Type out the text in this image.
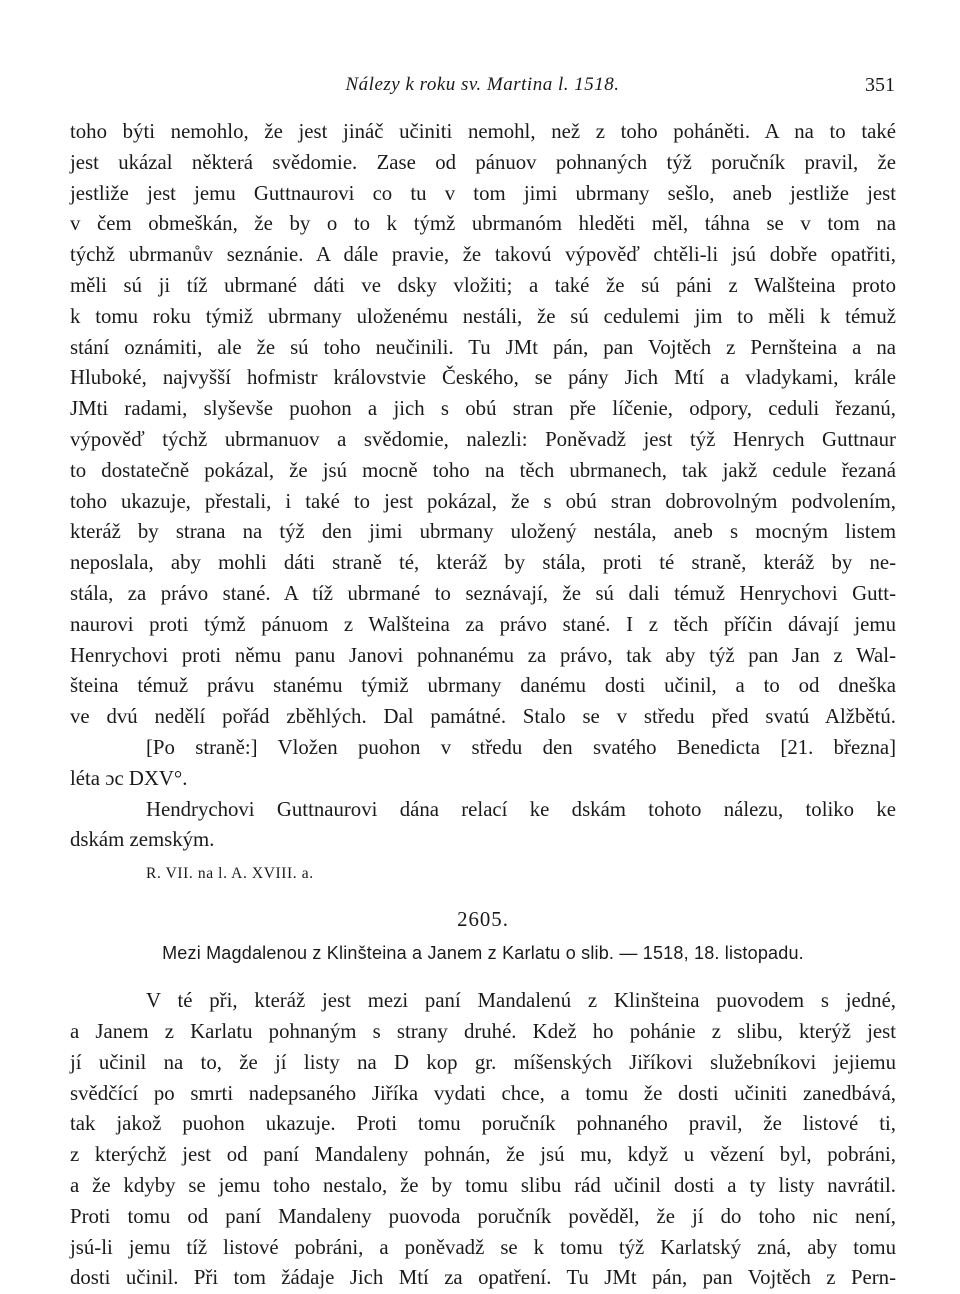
Nálezy k roku sv. Martina l. 1518.	351
toho býti nemohlo, že jest jináč učiniti nemohl, než z toho poháněti. A na to také
jest ukázal některá svědomie. Zase od pánuov pohnaných týž poručník pravil, že
jestliže jest jemu Guttnaurovi co tu v tom jimi ubrmany sešlo, aneb jestliže jest
v čem obmeškán, že by o to k týmž ubrmanóm hleděti měl, táhna se v tom na
týchž ubrmanův seznánie. A dále pravie, že takovú výpověď chtěli-li jsú dobře opatřiti,
měli sú ji tíž ubrmané dáti ve dsky vložiti; a také že sú páni z Walšteina proto
k tomu roku týmiž ubrmany uloženému nestáli, že sú cedulemi jim to měli k témuž
stání oznámiti, ale že sú toho neučinili. Tu JMt pán, pan Vojtěch z Pernšteina a na
Hluboké, najvyšší hofmistr královstvie Českého, se pány Jich Mtí a vladykami, krále
JMti radami, slyševše puohon a jich s obú stran pře líčenie, odpory, ceduli řezanú,
výpověď týchž ubrmanuov a svědomie, nalezli: Poněvadž jest týž Henrych Guttnaur
to dostatečně pokázal, že jsú mocně toho na těch ubrmanech, tak jakž cedule řezaná
toho ukazuje, přestali, i také to jest pokázal, že s obú stran dobrovolným podvolením,
kteráž by strana na týž den jimi ubrmany uložený nestála, aneb s mocným listem
neposlala, aby mohli dáti straně té, kteráž by stála, proti té straně, kteráž by ne-
stála, za právo stané. A tíž ubrmané to seznávají, že sú dali témuž Henrychovi Gutt-
naurovi proti týmž pánuom z Walšteina za právo stané. I z těch příčin dávají jemu
Henrychovi proti němu panu Janovi pohnanému za právo, tak aby týž pan Jan z Wal-
šteina témuž právu stanému týmiž ubrmany danému dosti učinil, a to od dneška
ve dvú nedělí pořád zběhlých. Dal památné. Stalo se v středu před svatú Alžbětú.
[Po straně:] Vložen puohon v středu den svatého Benedicta [21. března]
léta ɔc DXV°.
Hendrychovi Guttnaurovi dána relací ke dskám tohoto nálezu, toliko ke
dskám zemským.
R. VII. na l. A. XVIII. a.
2605.
Mezi Magdalenou z Klinšteina a Janem z Karlatu o slib. — 1518, 18. listopadu.
V té při, kteráž jest mezi paní Mandalenú z Klinšteina puovodem s jedné,
a Janem z Karlatu pohnaným s strany druhé. Kdež ho pohánie z slibu, kterýž jest
jí učinil na to, že jí listy na D kop gr. míšenských Jiříkovi služebníkovi jejiemu
svědčící po smrti nadepsaného Jiříka vydati chce, a tomu že dosti učiniti zanedbává,
tak jakož puohon ukazuje. Proti tomu poručník pohnaného pravil, že listové ti,
z kterýchž jest od paní Mandaleny pohnán, že jsú mu, když u vězení byl, pobráni,
a že kdyby se jemu toho nestalo, že by tomu slibu rád učinil dosti a ty listy navrátil.
Proti tomu od paní Mandaleny puovoda poručník pověděl, že jí do toho nic není,
jsú-li jemu tíž listové pobráni, a poněvadž se k tomu týž Karlatský zná, aby tomu
dosti učinil. Při tom žádaje Jich Mtí za opatření. Tu JMt pán, pan Vojtěch z Pern-
